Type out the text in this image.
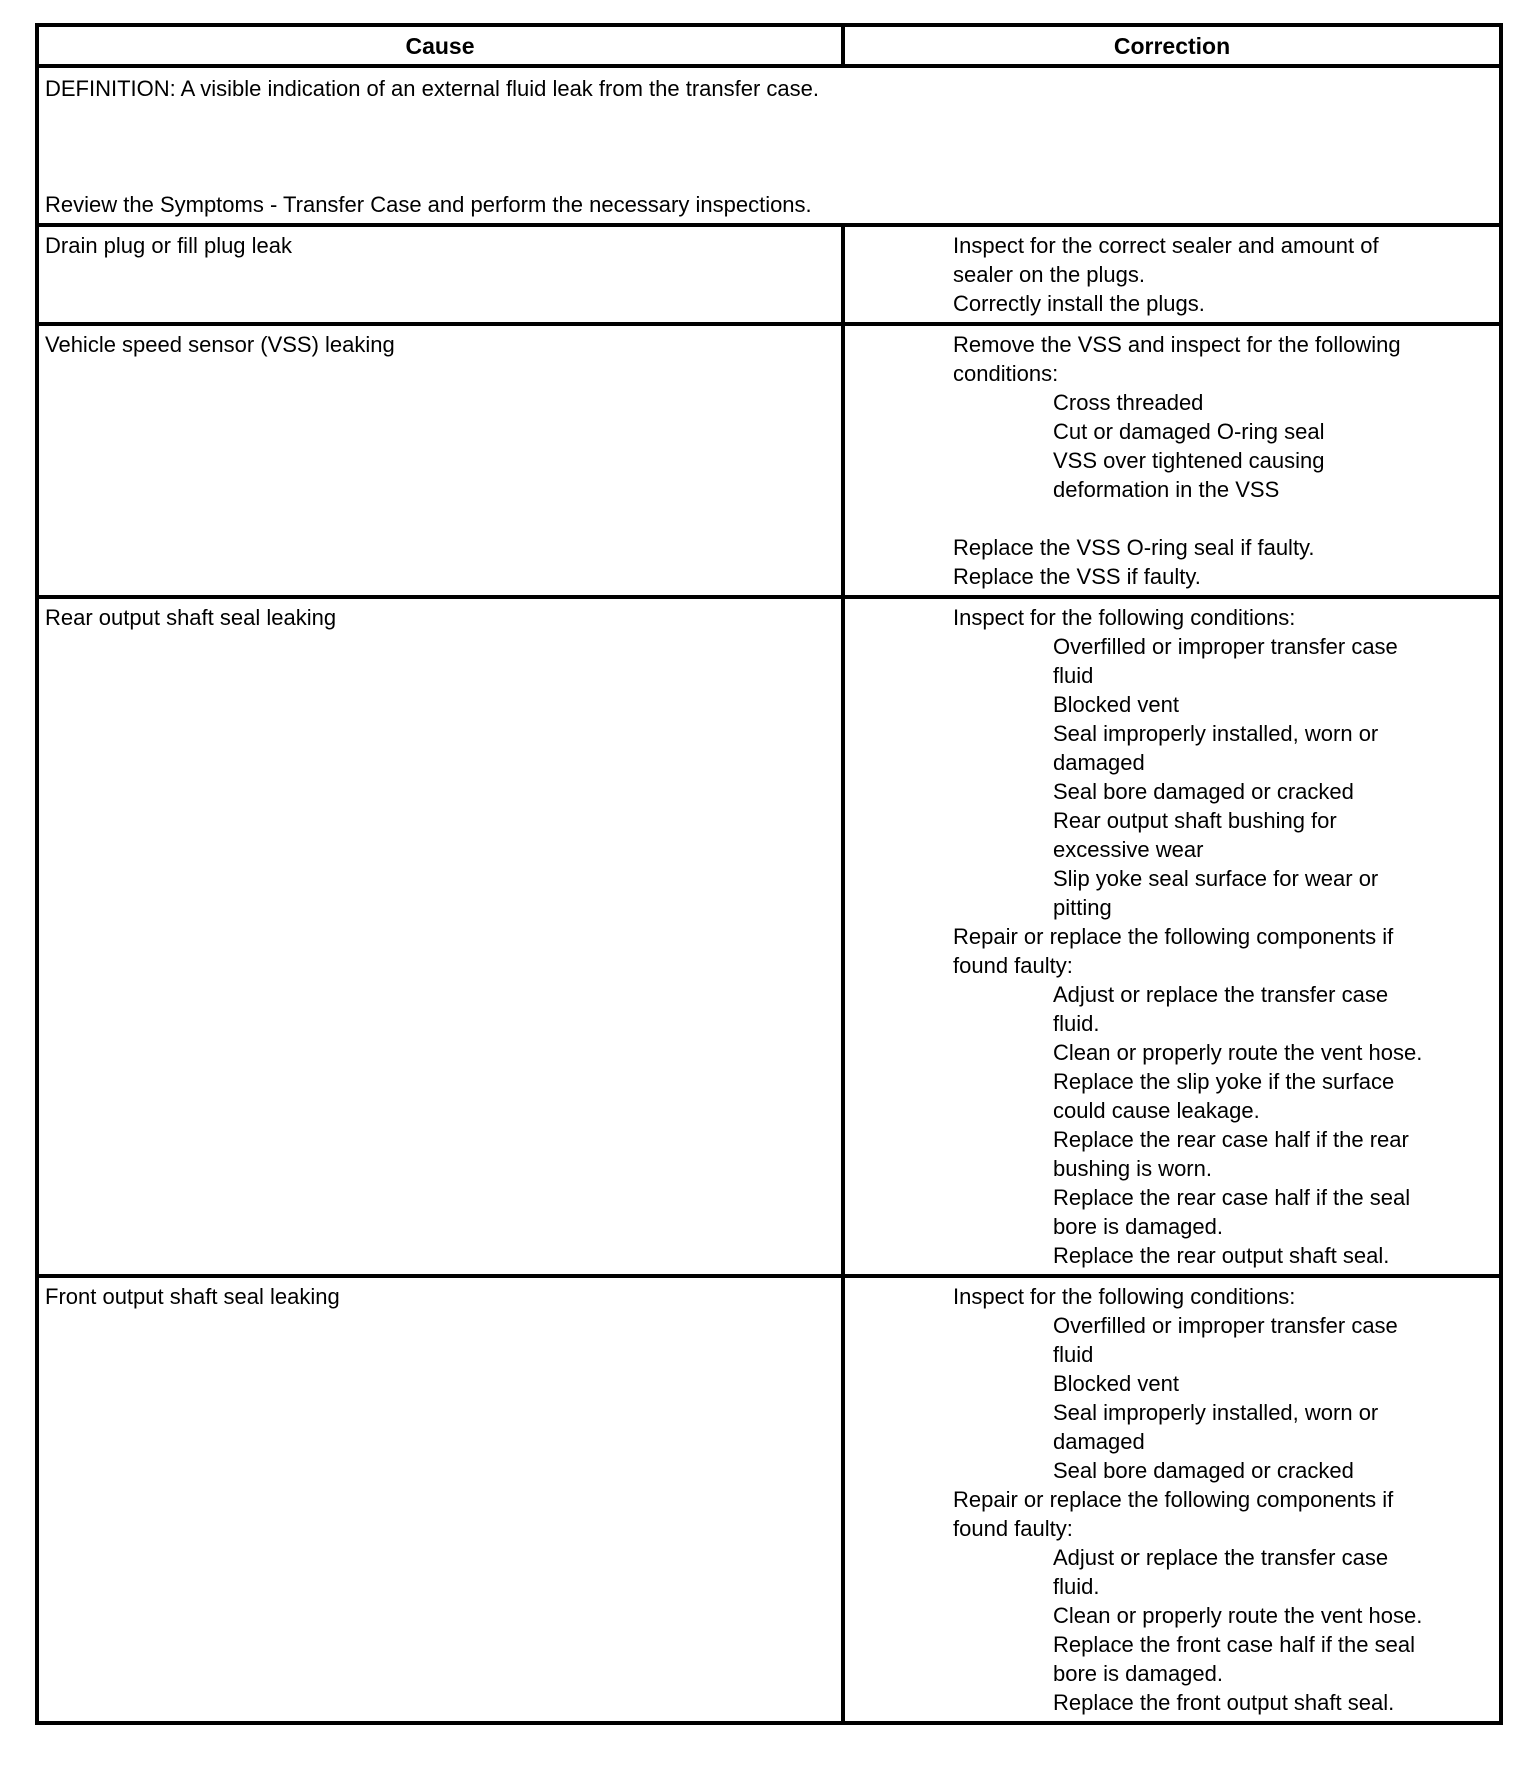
Cause	Correction
DEFINITION: A visible indication of an external fluid leak from the transfer case.
Review the Symptoms - Transfer Case and perform the necessary inspections.
Drain plug or fill plug leak	Inspect for the correct sealer and amount of
sealer on the plugs.
Correctly install the plugs.
Vehicle speed sensor (VSS) leaking	Remove the VSS and inspect for the following
conditions:
Cross threaded
Cut or damaged O-ring seal
VSS over tightened causing
deformation in the VSS
Replace the VSS O-ring seal if faulty.
Replace the VSS if faulty.
Rear output shaft seal leaking	Inspect for the following conditions:
Overfilled or improper transfer case
fluid
Blocked vent
Seal improperly installed, worn or
damaged
Seal bore damaged or cracked
Rear output shaft bushing for
excessive wear
Slip yoke seal surface for wear or
pitting
Repair or replace the following components if
found faulty:
Adjust or replace the transfer case
fluid.
Clean or properly route the vent hose.
Replace the slip yoke if the surface
could cause leakage.
Replace the rear case half if the rear
bushing is worn.
Replace the rear case half if the seal
bore is damaged.
Replace the rear output shaft seal.
Front output shaft seal leaking	Inspect for the following conditions:
Overfilled or improper transfer case
fluid
Blocked vent
Seal improperly installed, worn or
damaged
Seal bore damaged or cracked
Repair or replace the following components if
found faulty:
Adjust or replace the transfer case
fluid.
Clean or properly route the vent hose.
Replace the front case half if the seal
bore is damaged.
Replace the front output shaft seal.
